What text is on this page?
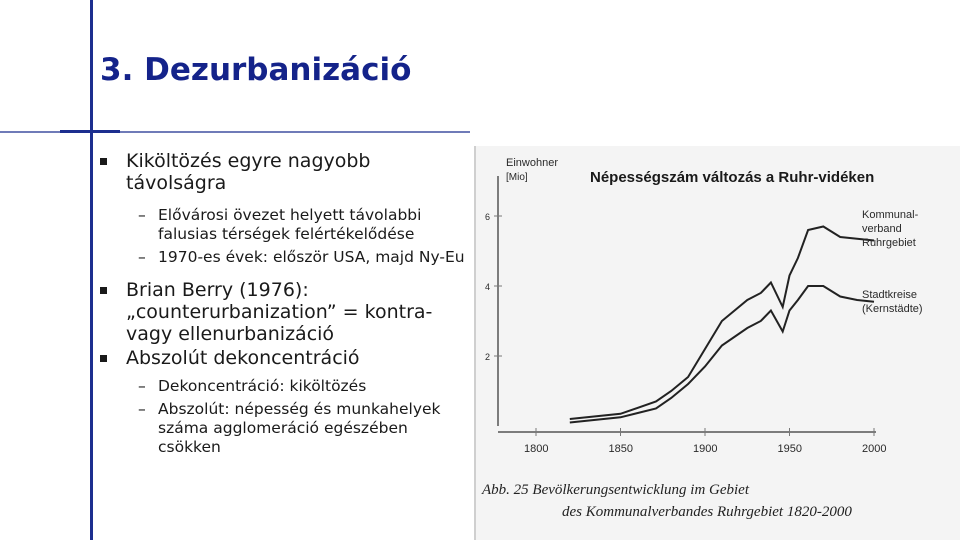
3. Dezurbanizáció
Kiköltözés egyre nagyobb távolságra
– Elővárosi övezet helyett távolabbi falusias térségek felértékelődése
– 1970-es évek: először USA, majd Ny-Eu
Brian Berry (1976): „counterurbanization” = kontra- vagy ellenurbanizáció
Abszolút dekoncentráció
– Dekoncentráció: kiköltözés
– Abszolút: népesség és munkahelyek száma agglomeráció egészében csökken
6
4
2
1800	1850	1900	1950	2000
Einwohner
[Mio]	Népességszám változás a Ruhr-vidéken
Kommunal-
verband
Ruhrgebiet
Stadtkreise
(Kernstädte)
Abb. 25 Bevölkerungsentwicklung im Gebiet
des Kommunalverbandes Ruhrgebiet 1820-2000
